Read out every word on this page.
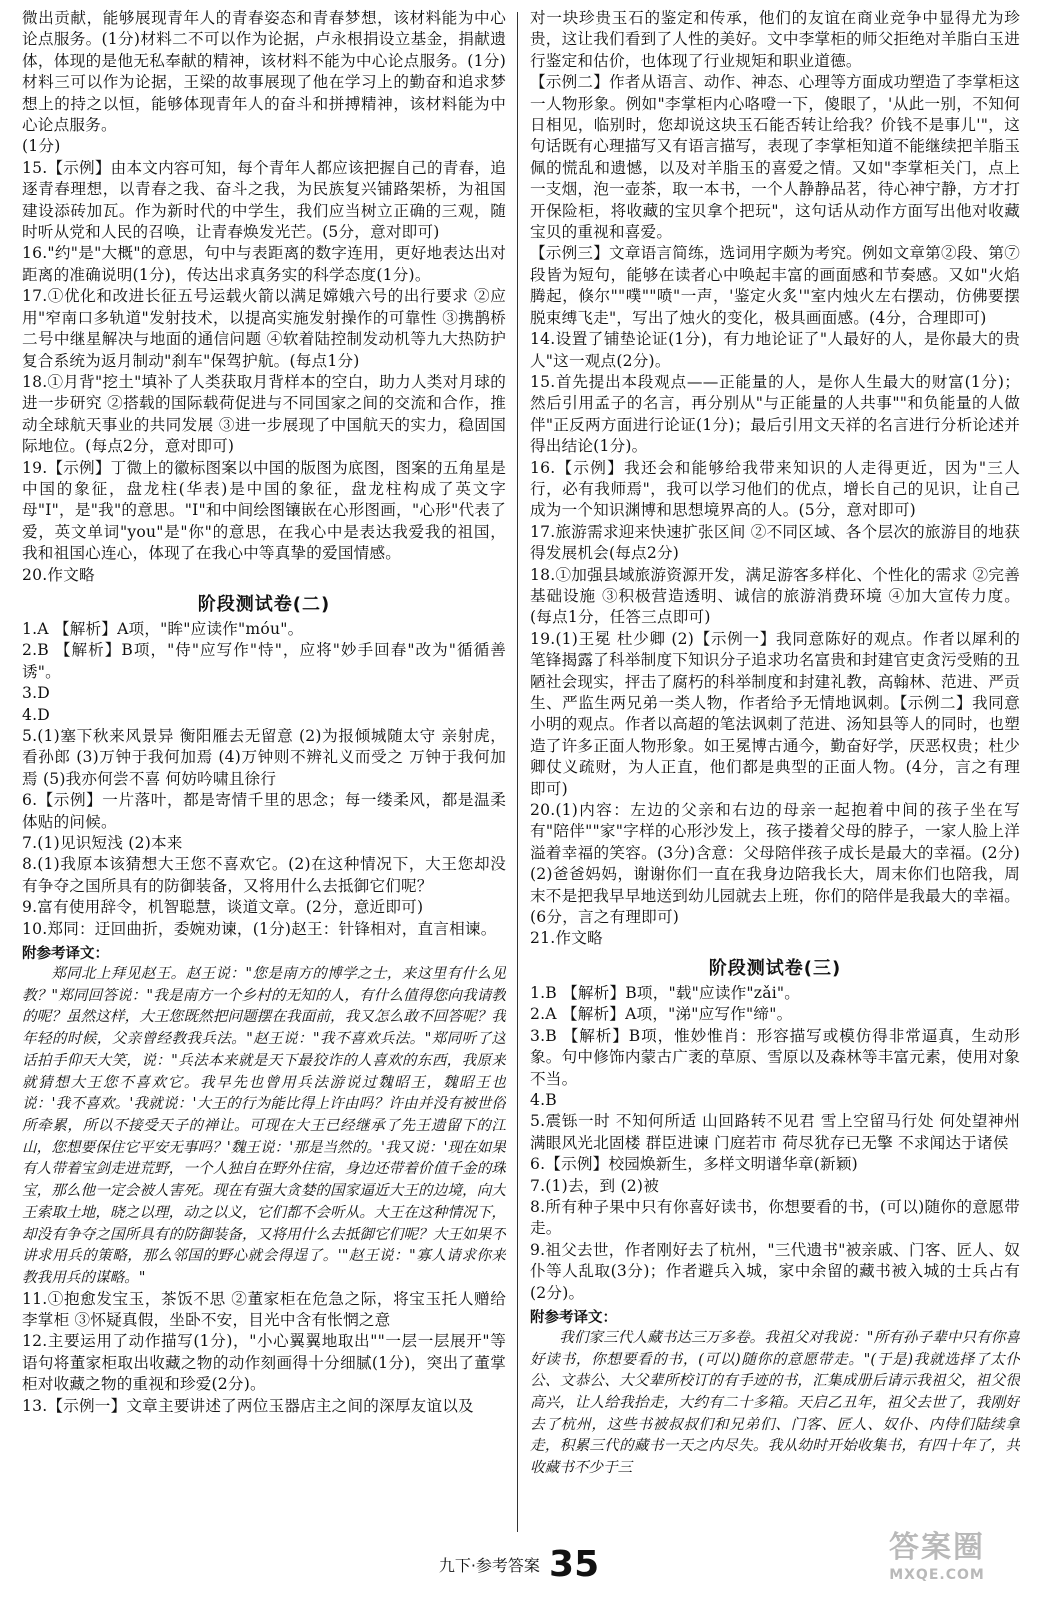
微出贡献，能够展现青年人的青春姿态和青春梦想，该材料能为中心论点服务。(1分)材料二不可以作为论据，卢永根捐设立基金，捐献遗体，体现的是他无私奉献的精神，该材料不能为中心论点服务。(1分)材料三可以作为论据，王梁的故事展现了他在学习上的勤奋和追求梦想上的持之以恒，能够体现青年人的奋斗和拼搏精神，该材料能为中心论点服务。

(1分)

15.【示例】由本文内容可知，每个青年人都应该把握自己的青春，追逐青春理想，以青春之我、奋斗之我，为民族复兴铺路架桥，为祖国建设添砖加瓦。作为新时代的中学生，我们应当树立正确的三观，随时听从党和人民的召唤，让青春焕发光芒。(5分，意对即可)

16."约"是"大概"的意思，句中与表距离的数字连用，更好地表达出对距离的准确说明(1分)，传达出求真务实的科学态度(1分)。

17.①优化和改进长征五号运载火箭以满足嫦娥六号的出行要求 ②应用"窄南口多轨道"发射技术，以提高实施发射操作的可靠性 ③携鹊桥二号中继星解决与地面的通信问题 ④软着陆控制发动机等九大热防护复合系统为返月制动"刹车"保驾护航。(每点1分)

18.①月背"挖土"填补了人类获取月背样本的空白，助力人类对月球的进一步研究 ②搭载的国际载荷促进与不同国家之间的交流和合作，推动全球航天事业的共同发展 ③进一步展现了中国航天的实力，稳固国际地位。(每点2分，意对即可)

19.【示例】丁微上的徽标图案以中国的版图为底图，图案的五角星是中国的象征，盘龙柱(华表)是中国的象征，盘龙柱构成了英文字母"I"，是"我"的意思。"I"和中间绘图镶嵌在心形图画，"心形"代表了爱，英文单词"you"是"你"的意思，在我心中是表达我爱我的祖国，我和祖国心连心，体现了在我心中等真挚的爱国情感。

20.作文略

阶段测试卷(二)

1.A 【解析】A项，"眸"应读作"móu"。

2.B 【解析】B项，"侍"应写作"恃"，应将"妙手回春"改为"循循善诱"。

3.D

4.D

5.(1)塞下秋来风景异 衡阳雁去无留意 (2)为报倾城随太守 亲射虎，看孙郎 (3)万钟于我何加焉 (4)万钟则不辨礼义而受之 万钟于我何加焉 (5)我亦何尝不喜 何妨吟啸且徐行

6.【示例】一片落叶，都是寄情千里的思念；每一缕柔风，都是温柔体贴的问候。

7.(1)见识短浅 (2)本来

8.(1)我原本该猜想大王您不喜欢它。(2)在这种情况下，大王您却没有争夺之国所具有的防御装备，又将用什么去抵御它们呢？

9.富有使用辞令，机智聪慧，谈道文章。(2分，意近即可)

10.郑同：迂回曲折，委婉劝谏，(1分)赵王：针锋相对，直言相谏。

附参考译文：

郑同北上拜见赵王。赵王说："您是南方的博学之士，来这里有什么见教？"郑同回答说："我是南方一个乡村的无知的人，有什么值得您向我请教的呢？虽然这样，大王您既然把问题摆在我面前，我又怎么敢不回答呢？我年轻的时候，父亲曾经教我兵法。"赵王说："我不喜欢兵法。"郑同听了这话拍手仰天大笑，说："兵法本来就是天下最狡诈的人喜欢的东西，我原来就猜想大王您不喜欢它。我早先也曾用兵法游说过魏昭王，魏昭王也说：'我不喜欢。'我就说：'大王的行为能比得上许由吗？许由并没有被世俗所牵累，所以不接受天子的禅让。可现在大王已经继承了先王遗留下的江山，您想要保住它平安无事吗？'魏王说：'那是当然的。'我又说：'现在如果有人带着宝剑走进荒野，一个人独自在野外住宿，身边还带着价值千金的珠宝，那么他一定会被人害死。现在有强大贪婪的国家逼近大王的边境，向大王索取土地，晓之以理，动之以义，它们都不会听从。大王在这种情况下，却没有争夺之国所具有的防御装备，又将用什么去抵御它们呢？大王如果不讲求用兵的策略，那么邻国的野心就会得逞了。'"赵王说："寡人请求你来教我用兵的谋略。"

11.①抱愈发宝玉，茶饭不思 ②董家柜在危急之际，将宝玉托人赠给李掌柜 ③怀疑真假，坐卧不安，目光中含有怅惘之意

12.主要运用了动作描写(1分)，"小心翼翼地取出""一层一层展开"等语句将董家柜取出收藏之物的动作刻画得十分细腻(1分)，突出了董掌柜对收藏之物的重视和珍爱(2分)。

13.【示例一】文章主要讲述了两位玉器店主之间的深厚友谊以及

对一块珍贵玉石的鉴定和传承，他们的友谊在商业竞争中显得尤为珍贵，这让我们看到了人性的美好。文中李掌柜的师父拒绝对羊脂白玉进行鉴定和估价，也体现了行业规矩和职业道德。

【示例二】作者从语言、动作、神态、心理等方面成功塑造了李掌柜这一人物形象。例如"李掌柜内心咯噔一下，傻眼了，'从此一别，不知何日相见，临别时，您却说这块玉石能否转让给我？价钱不是事儿'"，这句话既有心理描写又有语言描写，表现了李掌柜知道不能继续把羊脂玉佩的慌乱和遗憾，以及对羊脂玉的喜爱之情。又如"李掌柜关门，点上一支烟，泡一壶茶，取一本书，一个人静静品茗，待心神宁静，方才打开保险柜，将收藏的宝贝拿个把玩"，这句话从动作方面写出他对收藏宝贝的重视和喜爱。

【示例三】文章语言简练，选词用字颇为考究。例如文章第②段、第⑦段皆为短句，能够在读者心中唤起丰富的画面感和节奏感。又如"火焰腾起，倏尔""噗""喷"一声，'鉴定火炙'"室内烛火左右摆动，仿佛要摆脱束缚飞走"，写出了烛火的变化，极具画面感。(4分，合理即可)

14.设置了铺垫论证(1分)，有力地论证了"人最好的人，是你最大的贵人"这一观点(2分)。

15.首先提出本段观点——正能量的人，是你人生最大的财富(1分)；然后引用孟子的名言，再分别从"与正能量的人共事""和负能量的人做伴"正反两方面进行论证(1分)；最后引用文天祥的名言进行分析论述并得出结论(1分)。

16.【示例】我还会和能够给我带来知识的人走得更近，因为"三人行，必有我师焉"，我可以学习他们的优点，增长自己的见识，让自己成为一个知识渊博和思想境界高的人。(5分，意对即可)

17.旅游需求迎来快速扩张区间 ②不同区域、各个层次的旅游目的地获得发展机会(每点2分)

18.①加强县域旅游资源开发，满足游客多样化、个性化的需求 ②完善基础设施 ③积极营造透明、诚信的旅游消费环境 ④加大宣传力度。(每点1分，任答三点即可)

19.(1)王冕 杜少卿 (2)【示例一】我同意陈好的观点。作者以犀利的笔锋揭露了科举制度下知识分子追求功名富贵和封建官吏贪污受贿的丑陋社会现实，抨击了腐朽的科举制度和封建礼教，高翰林、范进、严贡生、严监生两兄弟一类人物，作者给予无情地讽刺。【示例二】我同意小明的观点。作者以高超的笔法讽刺了范进、汤知县等人的同时，也塑造了许多正面人物形象。如王冕博古通今，勤奋好学，厌恶权贵；杜少卿仗义疏财，为人正直，他们都是典型的正面人物。(4分，言之有理即可)

20.(1)内容：左边的父亲和右边的母亲一起抱着中间的孩子坐在写有"陪伴""家"字样的心形沙发上，孩子搂着父母的脖子，一家人脸上洋溢着幸福的笑容。(3分)含意：父母陪伴孩子成长是最大的幸福。(2分)(2)爸爸妈妈，谢谢你们一直在我身边陪我长大，周末你们也陪我，周末不是把我早早地送到幼儿园就去上班，你们的陪伴是我最大的幸福。(6分，言之有理即可)

21.作文略

阶段测试卷(三)

1.B 【解析】B项，"载"应读作"zǎi"。

2.A 【解析】A项，"涕"应写作"缔"。

3.B 【解析】B项，惟妙惟肖：形容描写或模仿得非常逼真，生动形象。句中修饰内蒙古广袤的草原、雪原以及森林等丰富元素，使用对象不当。

4.B

5.震铄一时 不知何所适 山回路转不见君 雪上空留马行处 何处望神州 满眼风光北固楼 群臣进谏 门庭若市 荷尽犹存已无擎 不求闻达于诸侯

6.【示例】校园焕新生，多样文明谱华章(新颖)

7.(1)去，到 (2)被

8.所有种子果中只有你喜好读书，你想要看的书，(可以)随你的意愿带走。

9.祖父去世，作者刚好去了杭州，"三代遗书"被亲戚、门客、匠人、奴仆等人乱取(3分)；作者避兵入城，家中余留的藏书被入城的士兵占有(2分)。

附参考译文：

我们家三代人藏书达三万多卷。我祖父对我说："所有孙子辈中只有你喜好读书，你想要看的书，(可以)随你的意愿带走。"(于是)我就选择了太仆公、文恭公、大父辈所校订的有手迹的书，汇集成册后请示我祖父，祖父很高兴，让人给我抬走，大约有二十多箱。天启乙丑年，祖父去世了，我刚好去了杭州，这些书被叔叔们和兄弟们、门客、匠人、奴仆、内侍们陆续拿走，积累三代的藏书一天之内尽失。我从幼时开始收集书，有四十年了，共收藏书不少于三

九下·参考答案 35	答案圈
MXQE.COM
